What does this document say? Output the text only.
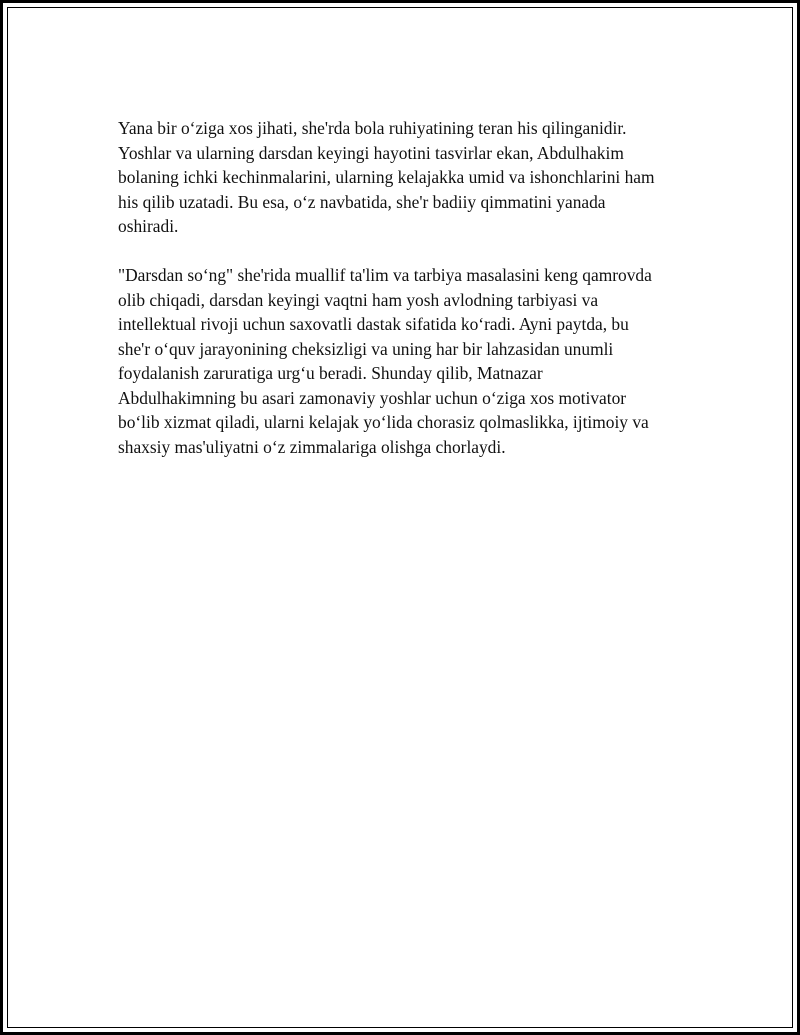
Yana bir o‘ziga xos jihati, she'rda bola ruhiyatining teran his qilinganidir.
Yoshlar va ularning darsdan keyingi hayotini tasvirlar ekan, Abdulhakim
bolaning ichki kechinmalarini, ularning kelajakka umid va ishonchlarini ham
his qilib uzatadi. Bu esa, o‘z navbatida, she'r badiiy qimmatini yanada
oshiradi.

"Darsdan so‘ng" she'rida muallif ta'lim va tarbiya masalasini keng qamrovda
olib chiqadi, darsdan keyingi vaqtni ham yosh avlodning tarbiyasi va
intellektual rivoji uchun saxovatli dastak sifatida ko‘radi. Ayni paytda, bu
she'r o‘quv jarayonining cheksizligi va uning har bir lahzasidan unumli
foydalanish zaruratiga urg‘u beradi. Shunday qilib, Matnazar
Abdulhakimning bu asari zamonaviy yoshlar uchun o‘ziga xos motivator
bo‘lib xizmat qiladi, ularni kelajak yo‘lida chorasiz qolmaslikka, ijtimoiy va
shaxsiy mas'uliyatni o‘z zimmalariga olishga chorlaydi.
